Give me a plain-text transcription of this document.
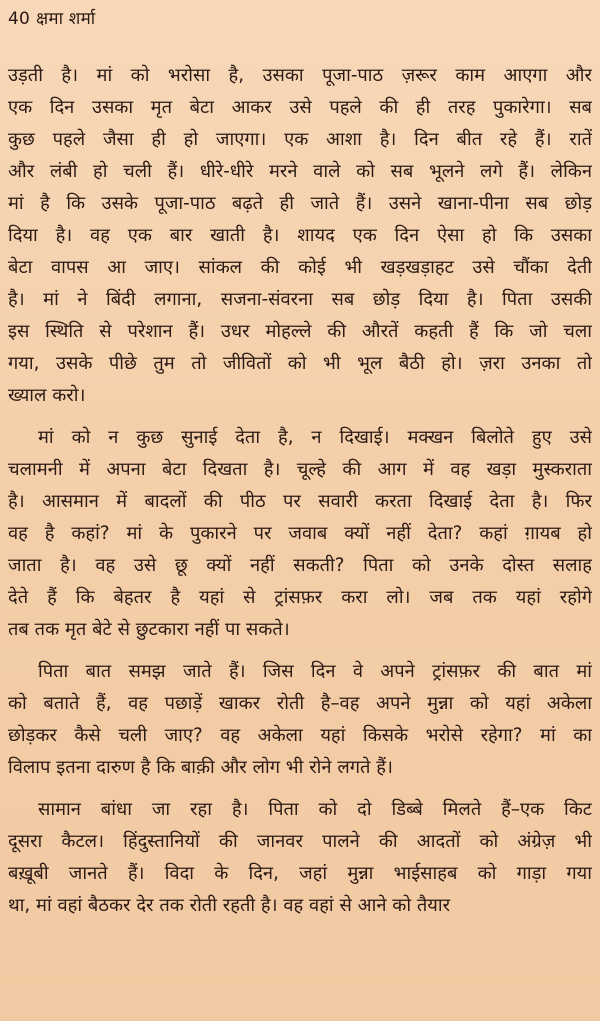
40 क्षमा शर्मा
उड़ती है। मां को भरोसा है, उसका पूजा-पाठ ज़रूर काम आएगा और
एक दिन उसका मृत बेटा आकर उसे पहले की ही तरह पुकारेगा। सब
कुछ पहले जैसा ही हो जाएगा। एक आशा है। दिन बीत रहे हैं। रातें
और लंबी हो चली हैं। धीरे-धीरे मरने वाले को सब भूलने लगे हैं। लेकिन
मां है कि उसके पूजा-पाठ बढ़ते ही जाते हैं। उसने खाना-पीना सब छोड़
दिया है। वह एक बार खाती है। शायद एक दिन ऐसा हो कि उसका
बेटा वापस आ जाए। सांकल की कोई भी खड़खड़ाहट उसे चौंका देती
है। मां ने बिंदी लगाना, सजना-संवरना सब छोड़ दिया है। पिता उसकी
इस स्थिति से परेशान हैं। उधर मोहल्ले की औरतें कहती हैं कि जो चला
गया, उसके पीछे तुम तो जीवितों को भी भूल बैठी हो। ज़रा उनका तो
ख्याल करो।
मां को न कुछ सुनाई देता है, न दिखाई। मक्खन बिलोते हुए उसे
चलामनी में अपना बेटा दिखता है। चूल्हे की आग में वह खड़ा मुस्कराता
है। आसमान में बादलों की पीठ पर सवारी करता दिखाई देता है। फिर
वह है कहां? मां के पुकारने पर जवाब क्यों नहीं देता? कहां ग़ायब हो
जाता है। वह उसे छू क्यों नहीं सकती? पिता को उनके दोस्त सलाह
देते हैं कि बेहतर है यहां से ट्रांसफ़र करा लो। जब तक यहां रहोगे
तब तक मृत बेटे से छुटकारा नहीं पा सकते।
पिता बात समझ जाते हैं। जिस दिन वे अपने ट्रांसफ़र की बात मां
को बताते हैं, वह पछाड़ें खाकर रोती है–वह अपने मुन्ना को यहां अकेला
छोड़कर कैसे चली जाए? वह अकेला यहां किसके भरोसे रहेगा? मां का
विलाप इतना दारुण है कि बाक़ी और लोग भी रोने लगते हैं।
सामान बांधा जा रहा है। पिता को दो डिब्बे मिलते हैं–एक किट
दूसरा कैटल। हिंदुस्तानियों की जानवर पालने की आदतों को अंग्रेज़ भी
बख़ूबी जानते हैं। विदा के दिन, जहां मुन्ना भाईसाहब को गाड़ा गया
था, मां वहां बैठकर देर तक रोती रहती है। वह वहां से आने को तैयार
